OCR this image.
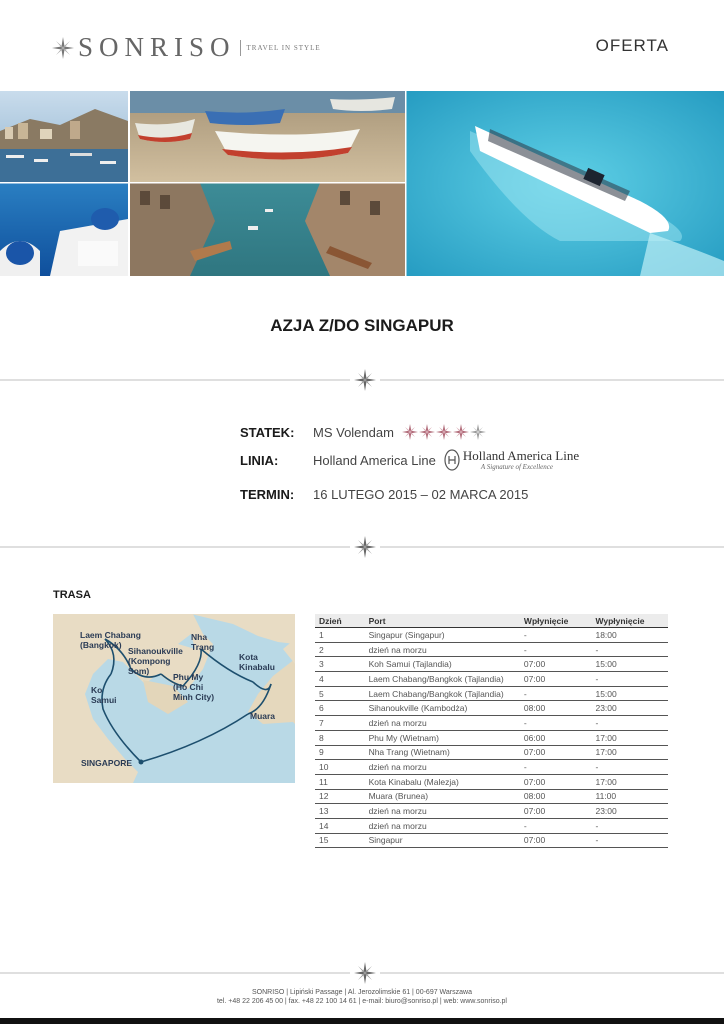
SONRISO TRAVEL IN STYLE	OFERTA
AZJA Z/DO SINGAPUR
STATEK:	MS Volendam
LINIA:	Holland America Line Holland America Line
A Signature of Excellence
TERMIN:	16 LUTEGO 2015 – 02 MARCA 2015
TRASA
Laem Chabang
(Bangkok)
Sihanoukville
(Kompong
Som)
Nha
Trang
Kota
Kinabalu
Phu My
(Ho Chi
Minh City)
Ko
Samui
Muara
SINGAPORE
Dzień	Port	Wpłynięcie	Wypłynięcie
1	Singapur (Singapur)	-	18:00
2	dzień na morzu	-	-
3	Koh Samui (Tajlandia)	07:00	15:00
4	Laem Chabang/Bangkok (Tajlandia)	07:00	-
5	Laem Chabang/Bangkok (Tajlandia)	-	15:00
6	Sihanoukville (Kambodża)	08:00	23:00
7	dzień na morzu	-	-
8	Phu My (Wietnam)	06:00	17:00
9	Nha Trang (Wietnam)	07:00	17:00
10	dzień na morzu	-	-
11	Kota Kinabalu (Malezja)	07:00	17:00
12	Muara (Brunea)	08:00	11:00
13	dzień na morzu	07:00	23:00
14	dzień na morzu	-	-
15	Singapur	07:00	-
SONRISO | Lipiński Passage | Al. Jerozolimskie 61 | 00-697 Warszawa
tel. +48 22 206 45 00 | fax. +48 22 100 14 61 | e-mail: biuro@sonriso.pl | web: www.sonriso.pl
